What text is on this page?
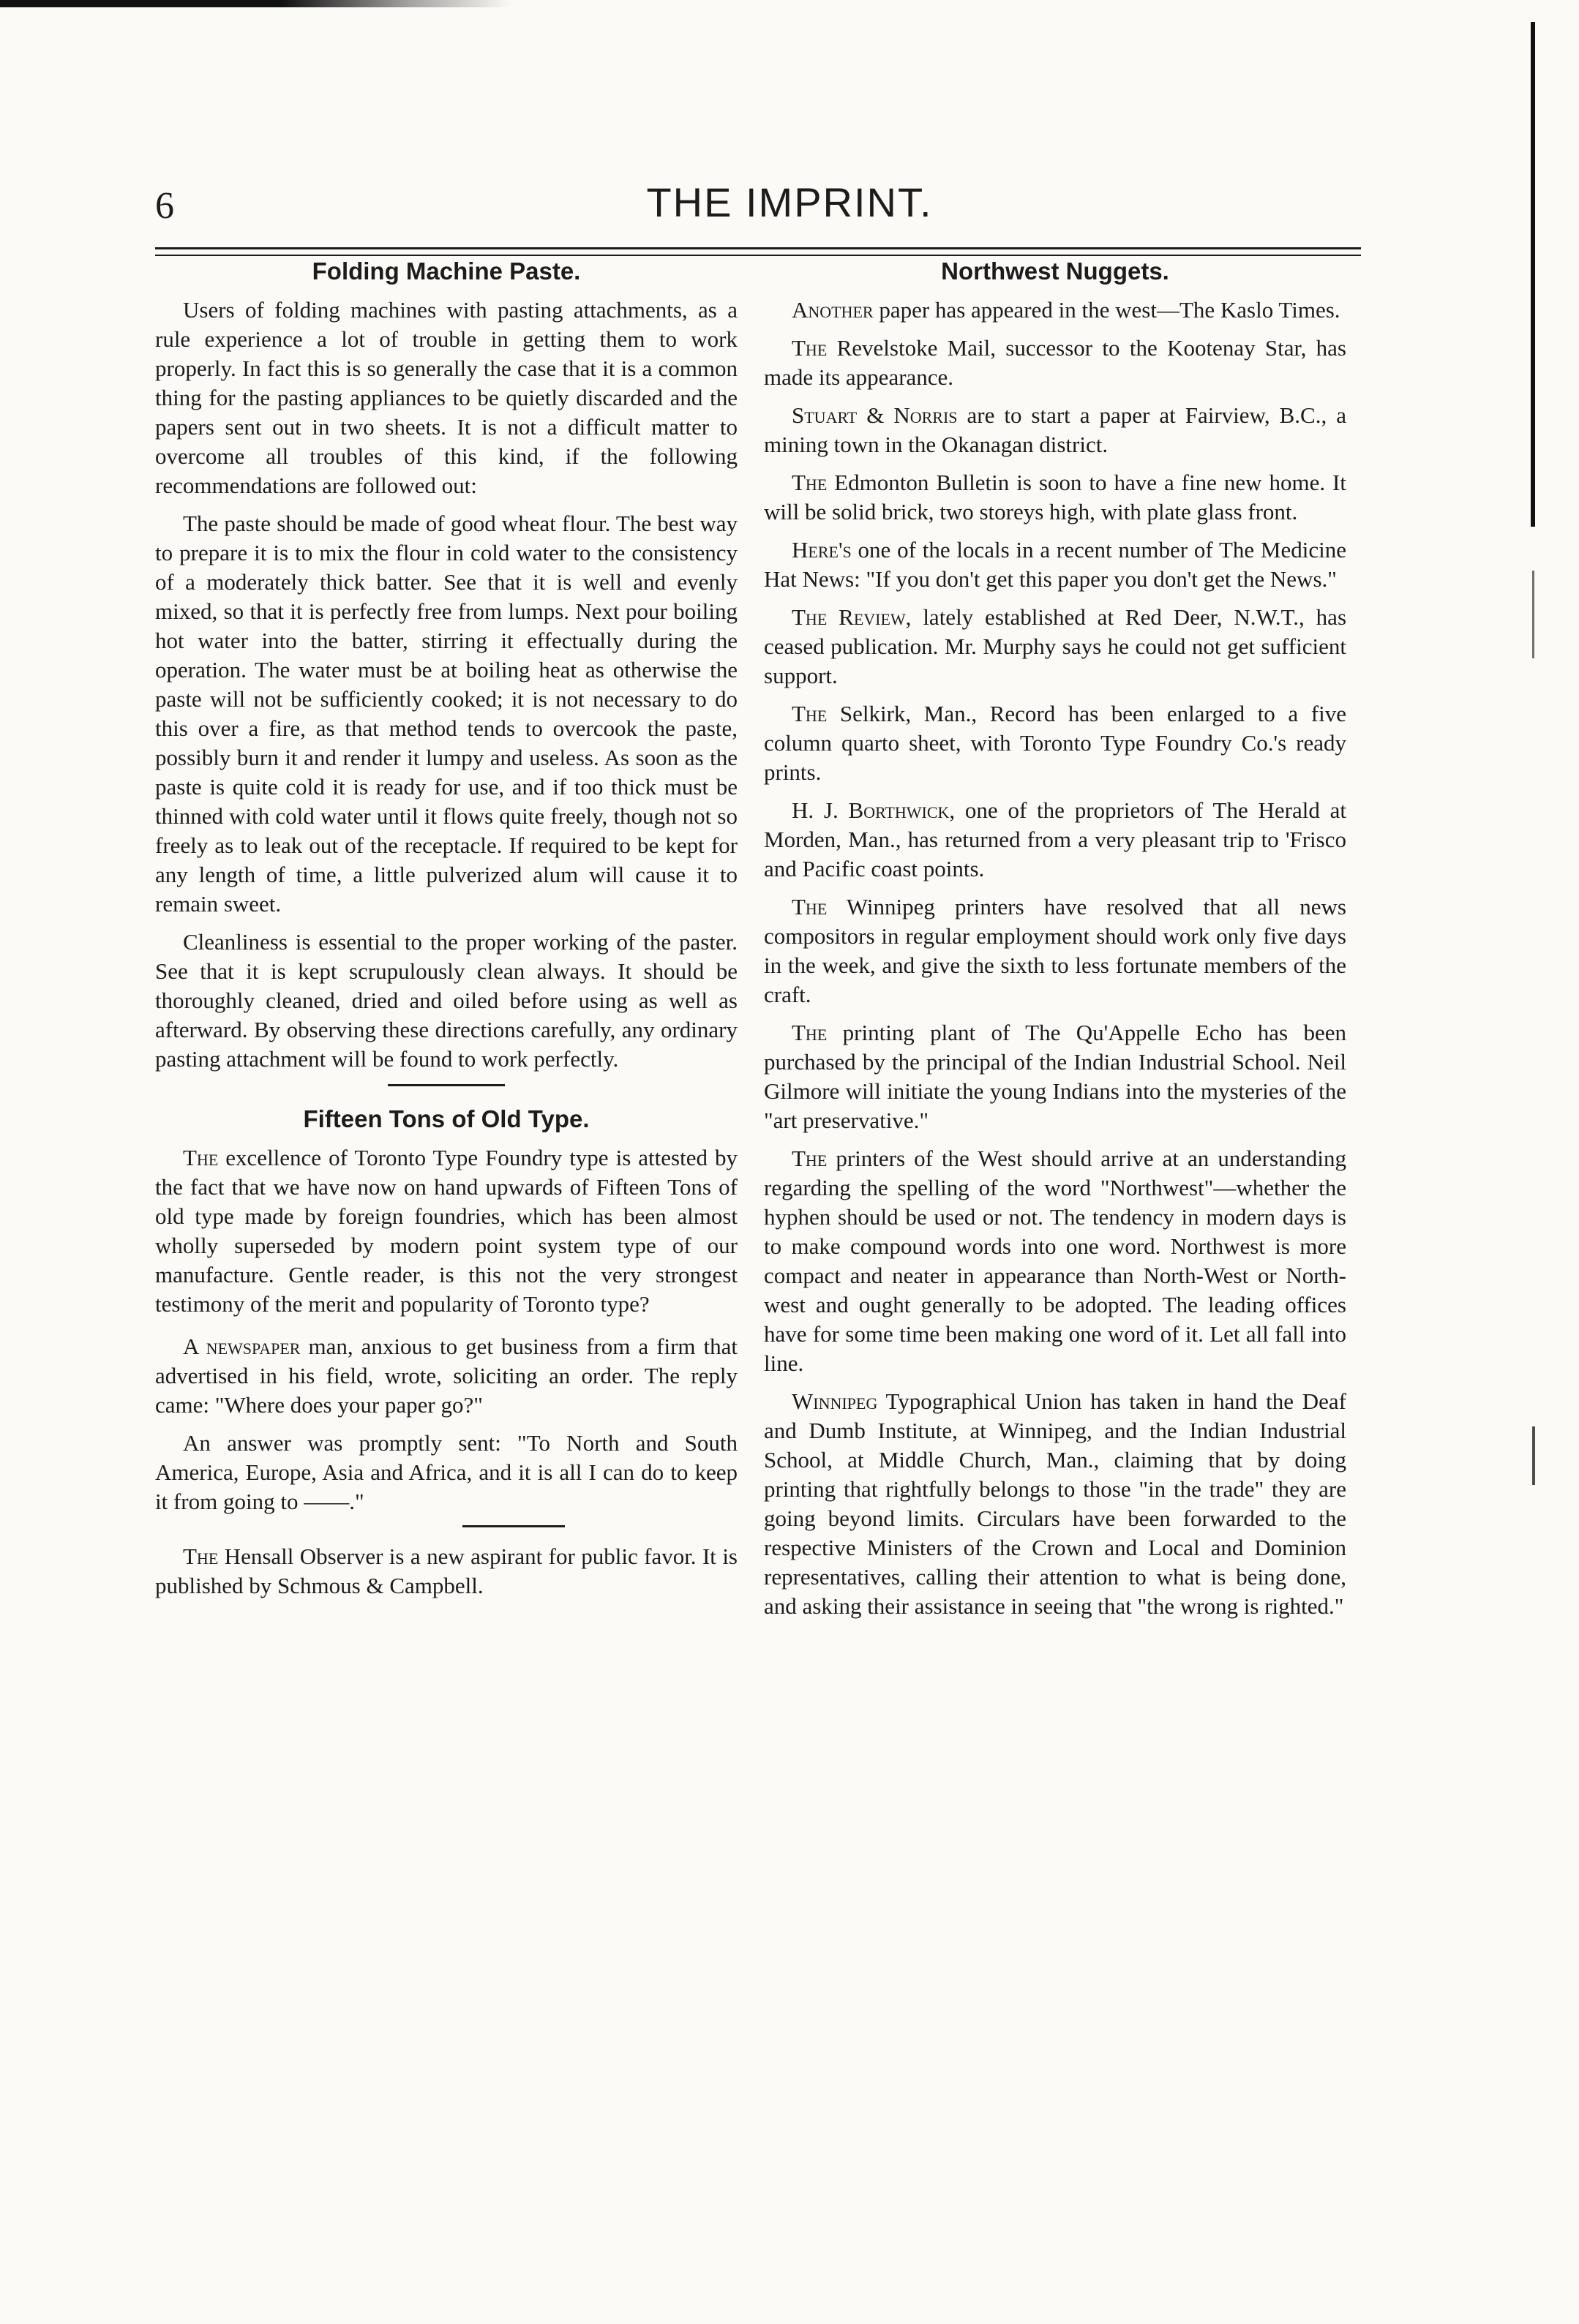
6	THE IMPRINT.
Folding Machine Paste.

Users of folding machines with pasting attachments, as a rule experience a lot of trouble in getting them to work properly. In fact this is so generally the case that it is a common thing for the pasting appliances to be quietly discarded and the papers sent out in two sheets. It is not a difficult matter to overcome all troubles of this kind, if the following recommendations are followed out:

The paste should be made of good wheat flour. The best way to prepare it is to mix the flour in cold water to the consistency of a moderately thick batter. See that it is well and evenly mixed, so that it is perfectly free from lumps. Next pour boiling hot water into the batter, stirring it effectually during the operation. The water must be at boiling heat as otherwise the paste will not be sufficiently cooked; it is not necessary to do this over a fire, as that method tends to overcook the paste, possibly burn it and render it lumpy and useless. As soon as the paste is quite cold it is ready for use, and if too thick must be thinned with cold water until it flows quite freely, though not so freely as to leak out of the receptacle. If required to be kept for any length of time, a little pulverized alum will cause it to remain sweet.

Cleanliness is essential to the proper working of the paster. See that it is kept scrupulously clean always. It should be thoroughly cleaned, dried and oiled before using as well as afterward. By observing these directions carefully, any ordinary pasting attachment will be found to work perfectly.

Fifteen Tons of Old Type.

The excellence of Toronto Type Foundry type is attested by the fact that we have now on hand upwards of Fifteen Tons of old type made by foreign foundries, which has been almost wholly superseded by modern point system type of our manufacture. Gentle reader, is this not the very strongest testimony of the merit and popularity of Toronto type?

A newspaper man, anxious to get business from a firm that advertised in his field, wrote, soliciting an order. The reply came: "Where does your paper go?"

An answer was promptly sent: "To North and South America, Europe, Asia and Africa, and it is all I can do to keep it from going to ——."

The Hensall Observer is a new aspirant for public favor. It is published by Schmous & Campbell.

Northwest Nuggets.

Another paper has appeared in the west—The Kaslo Times.

The Revelstoke Mail, successor to the Kootenay Star, has made its appearance.

Stuart & Norris are to start a paper at Fairview, B.C., a mining town in the Okanagan district.

The Edmonton Bulletin is soon to have a fine new home. It will be solid brick, two storeys high, with plate glass front.

Here's one of the locals in a recent number of The Medicine Hat News: "If you don't get this paper you don't get the News."

The Review, lately established at Red Deer, N.W.T., has ceased publication. Mr. Murphy says he could not get sufficient support.

The Selkirk, Man., Record has been enlarged to a five column quarto sheet, with Toronto Type Foundry Co.'s ready prints.

H. J. Borthwick, one of the proprietors of The Herald at Morden, Man., has returned from a very pleasant trip to 'Frisco and Pacific coast points.

The Winnipeg printers have resolved that all news compositors in regular employment should work only five days in the week, and give the sixth to less fortunate members of the craft.

The printing plant of The Qu'Appelle Echo has been purchased by the principal of the Indian Industrial School. Neil Gilmore will initiate the young Indians into the mysteries of the "art preservative."

The printers of the West should arrive at an understanding regarding the spelling of the word "Northwest"—whether the hyphen should be used or not. The tendency in modern days is to make compound words into one word. Northwest is more compact and neater in appearance than North-West or North-west and ought generally to be adopted. The leading offices have for some time been making one word of it. Let all fall into line.

Winnipeg Typographical Union has taken in hand the Deaf and Dumb Institute, at Winnipeg, and the Indian Industrial School, at Middle Church, Man., claiming that by doing printing that rightfully belongs to those "in the trade" they are going beyond limits. Circulars have been forwarded to the respective Ministers of the Crown and Local and Dominion representatives, calling their attention to what is being done, and asking their assistance in seeing that "the wrong is righted."
